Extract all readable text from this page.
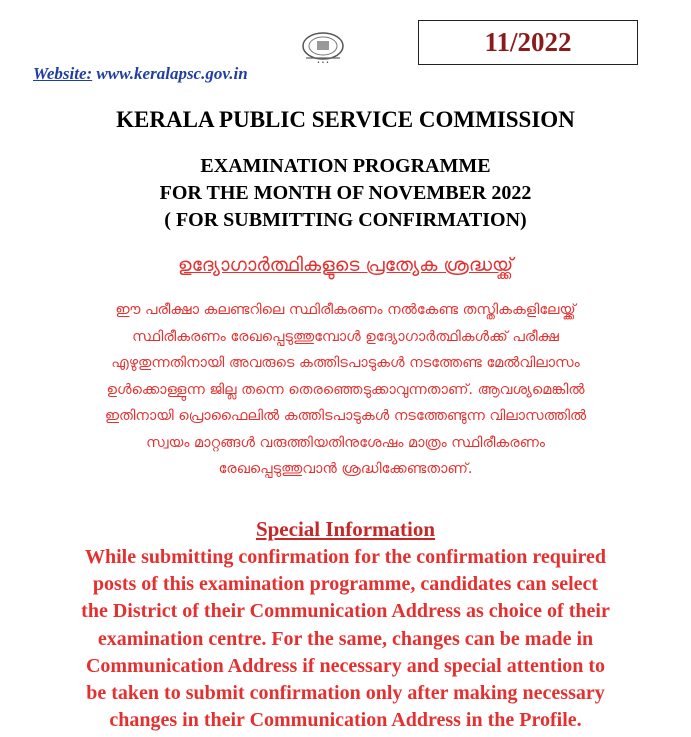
• • •
11/2022
Website: www.keralapsc.gov.in
KERALA PUBLIC SERVICE COMMISSION
EXAMINATION PROGRAMME
FOR THE MONTH OF NOVEMBER 2022
( FOR SUBMITTING CONFIRMATION)
ഉദ്യോഗാർത്ഥികളുടെ പ്രത്യേക ശ്രദ്ധയ്ക്ക്
ഈ പരീക്ഷാ കലണ്ടറിലെ സ്ഥിരീകരണം നൽകേണ്ട തസ്തികകളിലേയ്ക്ക്
സ്ഥിരീകരണം രേഖപ്പെടുത്തുമ്പോൾ ഉദ്യോഗാർത്ഥികൾക്ക് പരീക്ഷ
എഴുതുന്നതിനായി അവരുടെ കത്തിടപാടുകൾ നടത്തേണ്ട മേൽവിലാസം
ഉൾക്കൊള്ളുന്ന ജില്ല തന്നെ തെരഞ്ഞെടുക്കാവുന്നതാണ്. ആവശ്യമെങ്കിൽ
ഇതിനായി പ്രൊഫൈലിൽ കത്തിടപാടുകൾ നടത്തേണ്ടുന്ന വിലാസത്തിൽ
സ്വയം മാറ്റങ്ങൾ വരുത്തിയതിനുശേഷം മാത്രം സ്ഥിരീകരണം
രേഖപ്പെടുത്തുവാൻ ശ്രദ്ധിക്കേണ്ടതാണ്.
Special Information
While submitting confirmation for the confirmation required
posts of this examination programme, candidates can select
the District of their Communication Address as choice of their
examination centre. For the same, changes can be made in
Communication Address if necessary and special attention to
be taken to submit confirmation only after making necessary
changes in their Communication Address in the Profile.
